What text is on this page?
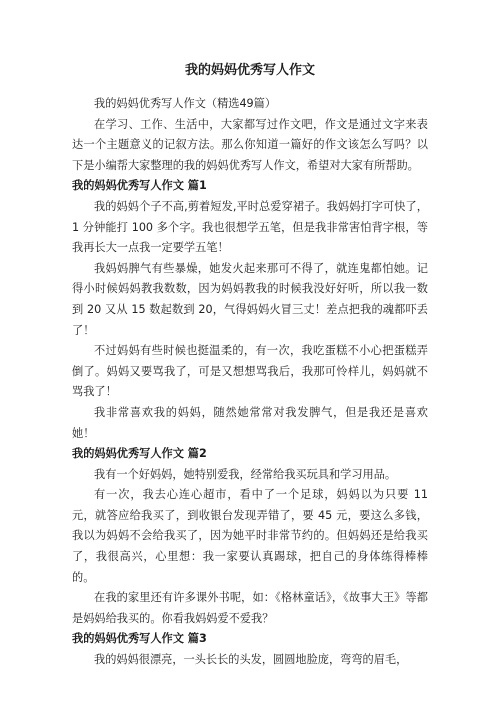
我的妈妈优秀写人作文

我的妈妈优秀写人作文（精选49篇）

在学习、工作、生活中，大家都写过作文吧，作文是通过文字来表达一个主题意义的记叙方法。那么你知道一篇好的作文该怎么写吗？以下是小编帮大家整理的我的妈妈优秀写人作文，希望对大家有所帮助。

我的妈妈优秀写人作文 篇1

我的妈妈个子不高,剪着短发,平时总爱穿裙子。我妈妈打字可快了，1 分钟能打 100 多个字。我也很想学五笔，但是我非常害怕背字根，等我再长大一点我一定要学五笔！

我妈妈脾气有些暴燥，她发火起来那可不得了，就连鬼都怕她。记得小时候妈妈教我数数，因为妈妈教我的时候我没好好听，所以我一数到 20 又从 15 数起数到 20，气得妈妈火冒三丈！差点把我的魂都吓丢了！

不过妈妈有些时候也挺温柔的，有一次，我吃蛋糕不小心把蛋糕弄倒了。妈妈又要骂我了，可是又想想骂我后，我那可怜样儿，妈妈就不骂我了！

我非常喜欢我的妈妈，随然她常常对我发脾气，但是我还是喜欢她！

我的妈妈优秀写人作文 篇2

我有一个好妈妈，她特别爱我，经常给我买玩具和学习用品。

有一次，我去心连心超市，看中了一个足球，妈妈以为只要 11 元，就答应给我买了，到收银台发现弄错了，要 45 元，要这么多钱，我以为妈妈不会给我买了，因为她平时非常节约的。但妈妈还是给我买了，我很高兴，心里想：我一家要认真踢球，把自己的身体练得棒棒的。

在我的家里还有许多课外书呢，如：《格林童话》，《故事大王》等都是妈妈给我买的。你看我妈妈爱不爱我？

我的妈妈优秀写人作文 篇3

我的妈妈很漂亮，一头长长的头发，圆圆地脸庞，弯弯的眉毛，
